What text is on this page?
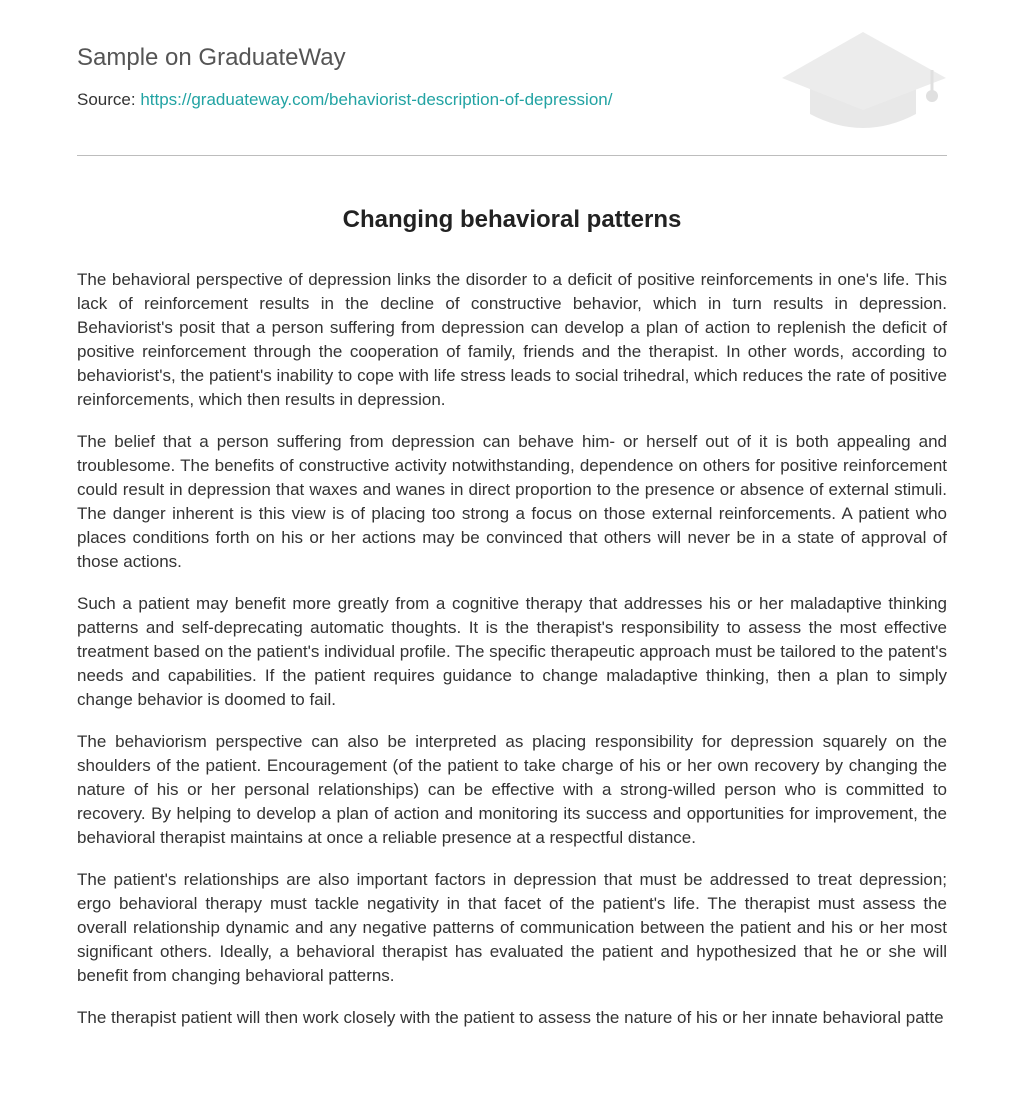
Sample on GraduateWay
Source: https://graduateway.com/behaviorist-description-of-depression/
Changing behavioral patterns

The behavioral perspective of depression links the disorder to a deficit of positive reinforcements in one's life. This lack of reinforcement results in the decline of constructive behavior, which in turn results in depression. Behaviorist's posit that a person suffering from depression can develop a plan of action to replenish the deficit of positive reinforcement through the cooperation of family, friends and the therapist. In other words, according to behaviorist's, the patient's inability to cope with life stress leads to social trihedral, which reduces the rate of positive reinforcements, which then results in depression.

The belief that a person suffering from depression can behave him- or herself out of it is both appealing and troublesome. The benefits of constructive activity notwithstanding, dependence on others for positive reinforcement could result in depression that waxes and wanes in direct proportion to the presence or absence of external stimuli. The danger inherent is this view is of placing too strong a focus on those external reinforcements. A patient who places conditions forth on his or her actions may be convinced that others will never be in a state of approval of those actions.

Such a patient may benefit more greatly from a cognitive therapy that addresses his or her maladaptive thinking patterns and self-deprecating automatic thoughts. It is the therapist's responsibility to assess the most effective treatment based on the patient's individual profile. The specific therapeutic approach must be tailored to the patent's needs and capabilities. If the patient requires guidance to change maladaptive thinking, then a plan to simply change behavior is doomed to fail.

The behaviorism perspective can also be interpreted as placing responsibility for depression squarely on the shoulders of the patient. Encouragement (of the patient to take charge of his or her own recovery by changing the nature of his or her personal relationships) can be effective with a strong-willed person who is committed to recovery. By helping to develop a plan of action and monitoring its success and opportunities for improvement, the behavioral therapist maintains at once a reliable presence at a respectful distance.

The patient's relationships are also important factors in depression that must be addressed to treat depression; ergo behavioral therapy must tackle negativity in that facet of the patient's life. The therapist must assess the overall relationship dynamic and any negative patterns of communication between the patient and his or her most significant others. Ideally, a behavioral therapist has evaluated the patient and hypothesized that he or she will benefit from changing behavioral patterns.

The therapist patient will then work closely with the patient to assess the nature of his or her innate behavioral patte
